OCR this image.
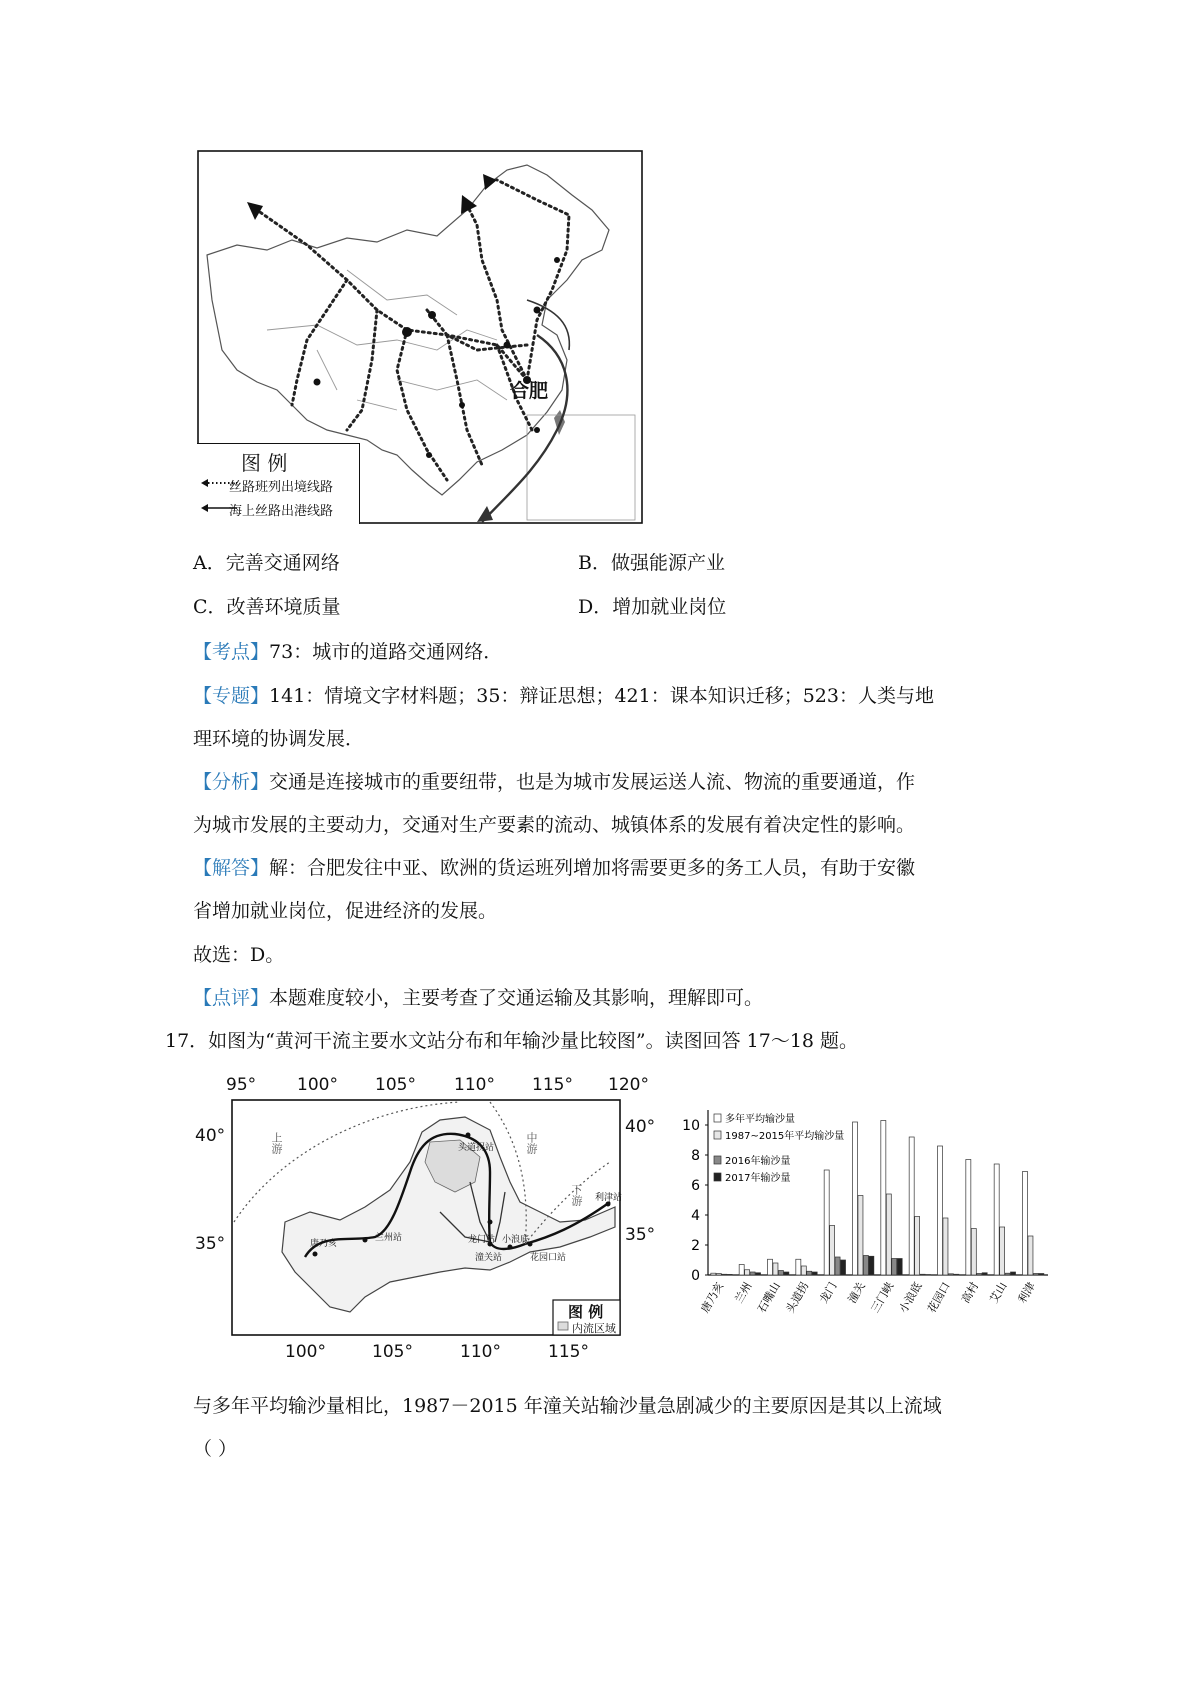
合肥
图 例
丝路班列出境线路
海上丝路出港线路
A．完善交通网络	B．做强能源产业
C．改善环境质量	D．增加就业岗位
【考点】73：城市的道路交通网络．
【专题】141：情境文字材料题；35：辩证思想；421：课本知识迁移；523：人类与地
理环境的协调发展．
【分析】交通是连接城市的重要纽带，也是为城市发展运送人流、物流的重要通道，作
为城市发展的主要动力，交通对生产要素的流动、城镇体系的发展有着决定性的影响。
【解答】解：合肥发往中亚、欧洲的货运班列增加将需要更多的务工人员，有助于安徽
省增加就业岗位，促进经济的发展。
故选：D。
【点评】本题难度较小，主要考查了交通运输及其影响，理解即可。
17．如图为“黄河干流主要水文站分布和年输沙量比较图”。读图回答 17～18 题。
95° 100° 105° 110° 115° 120°
100°	105°	110°	115°
40°
35°
40°
35°
上游	中游
下游
唐乃亥
兰州站
头道拐站
龙门站 小浪底
潼关站	花园口站
利津站
图 例
内流区域
0
2
4
6
8
10
唐乃亥 兰州 石嘴山 头道拐 龙门 潼关 三门峡 小浪底 花园口 高村 艾山 利津
多年平均输沙量
1987~2015年平均输沙量
2016年输沙量
2017年输沙量
与多年平均输沙量相比，1987－2015 年潼关站输沙量急剧减少的主要原因是其以上流域
（ ）
